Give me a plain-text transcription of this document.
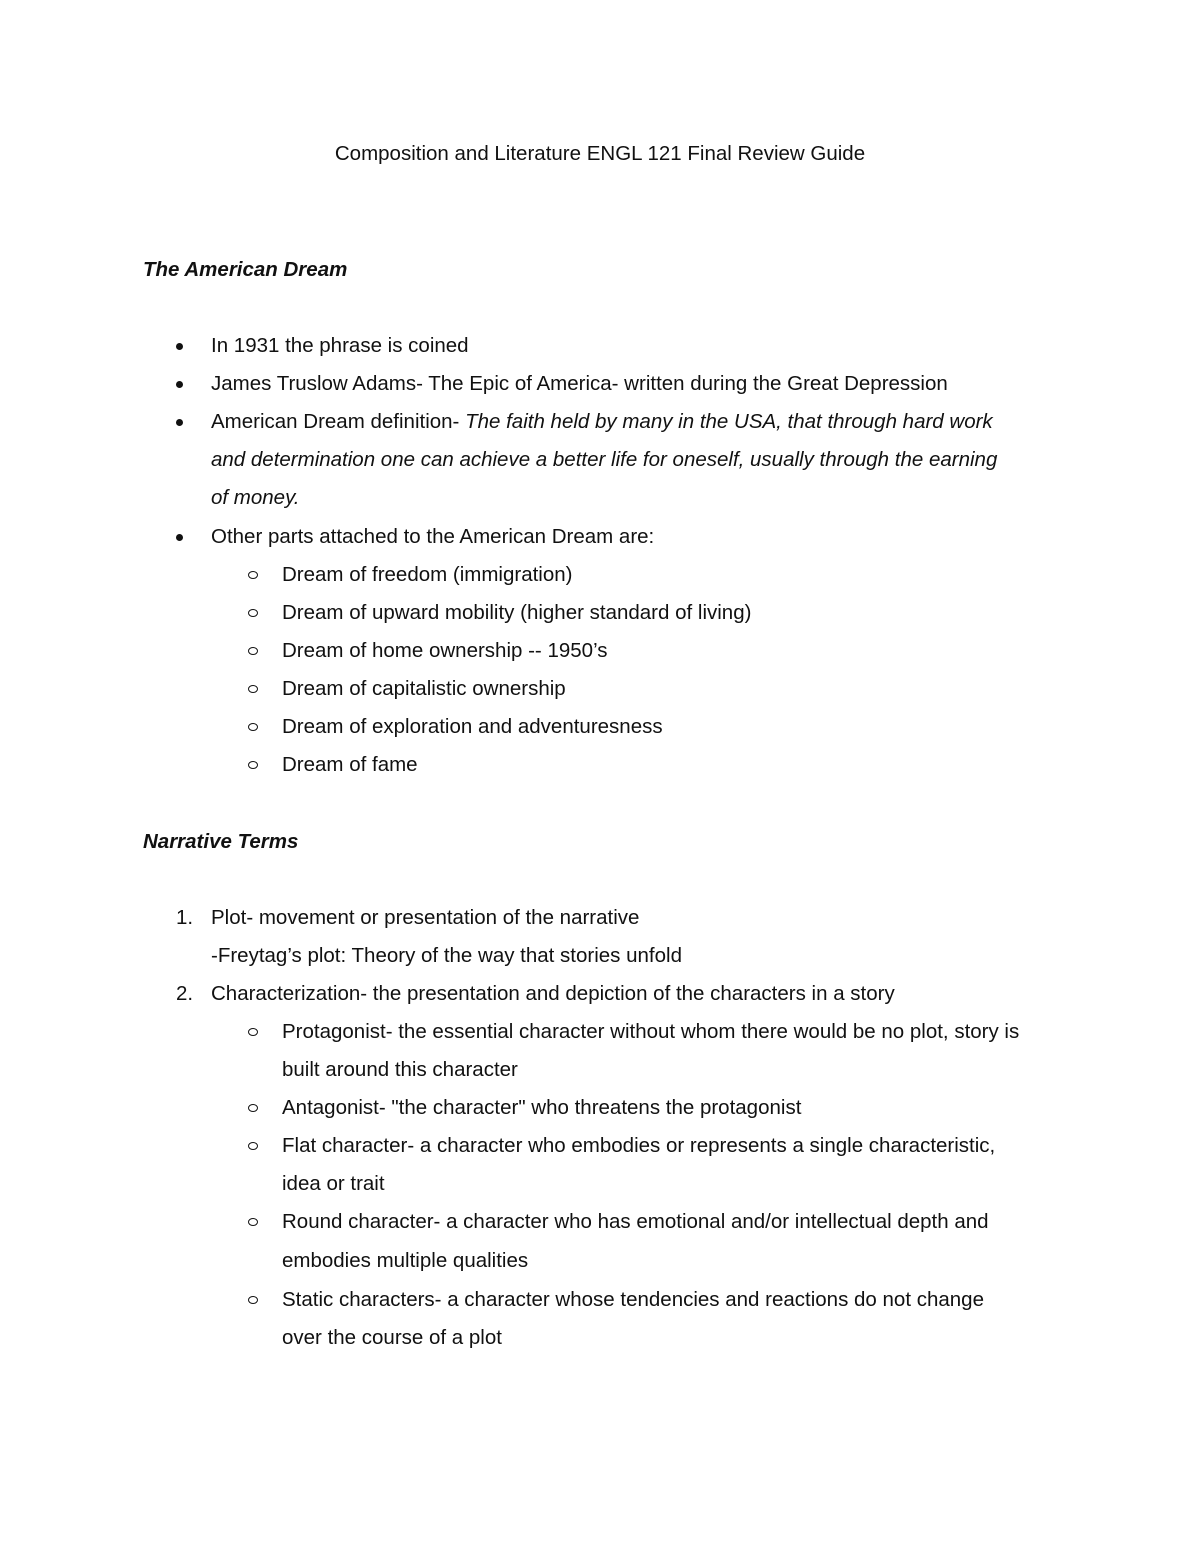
Composition and Literature ENGL 121 Final Review Guide
The American Dream
In 1931 the phrase is coined
James Truslow Adams- The Epic of America- written during the Great Depression
American Dream definition- The faith held by many in the USA, that through hard work
and determination one can achieve a better life for oneself, usually through the earning
of money.
Other parts attached to the American Dream are:
Dream of freedom (immigration)
Dream of upward mobility (higher standard of living)
Dream of home ownership -- 1950’s
Dream of capitalistic ownership
Dream of exploration and adventuresness
Dream of fame
Narrative Terms
1. Plot- movement or presentation of the narrative
-Freytag’s plot: Theory of the way that stories unfold
2. Characterization- the presentation and depiction of the characters in a story
Protagonist- the essential character without whom there would be no plot, story is
built around this character
Antagonist- "the character" who threatens the protagonist
Flat character- a character who embodies or represents a single characteristic,
idea or trait
Round character- a character who has emotional and/or intellectual depth and
embodies multiple qualities
Static characters- a character whose tendencies and reactions do not change
over the course of a plot
